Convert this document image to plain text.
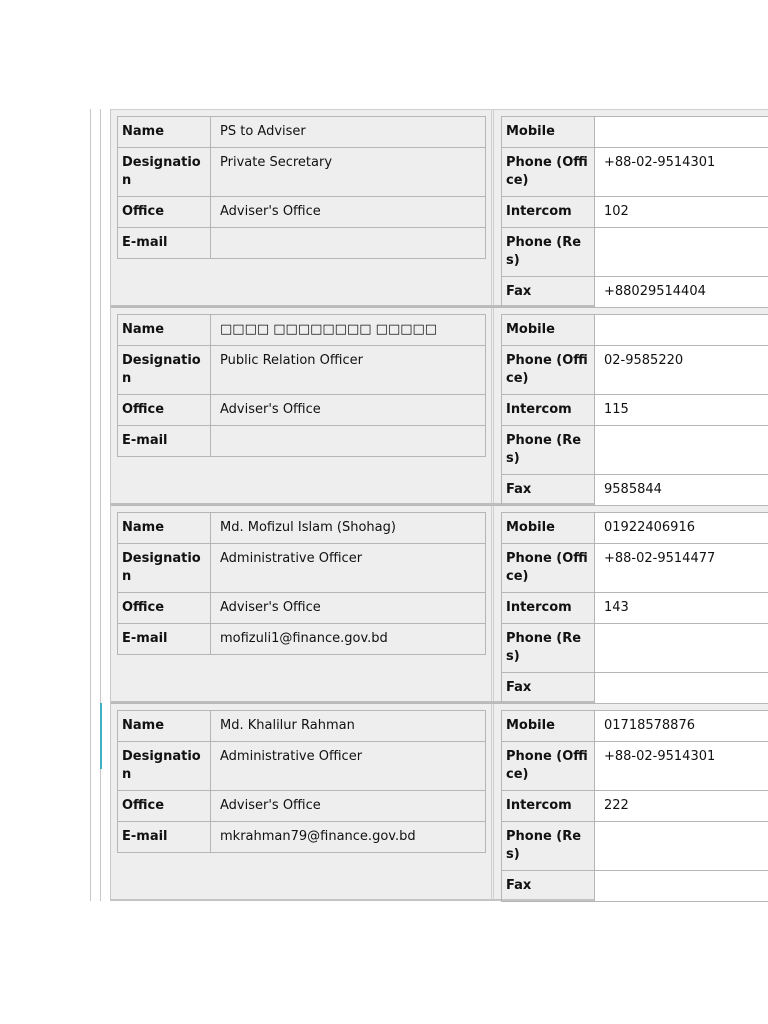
Name	PS to Adviser
Designation	Private Secretary
Office	Adviser's Office
E-mail	
Mobile	
Phone (Office)	+88-02-9514301
Intercom	102
Phone (Res)	
Fax	+88029514404
Name	□□□□ □□□□□□□□ □□□□□
Designation	Public Relation Officer
Office	Adviser's Office
E-mail	
Mobile	
Phone (Office)	02-9585220
Intercom	115
Phone (Res)	
Fax	9585844
Name	Md. Mofizul Islam (Shohag)
Designation	Administrative Officer
Office	Adviser's Office
E-mail	mofizuli1@finance.gov.bd
Mobile	01922406916
Phone (Office)	+88-02-9514477
Intercom	143
Phone (Res)	
Fax	
Name	Md. Khalilur Rahman
Designation	Administrative Officer
Office	Adviser's Office
E-mail	mkrahman79@finance.gov.bd
Mobile	01718578876
Phone (Office)	+88-02-9514301
Intercom	222
Phone (Res)	
Fax	
